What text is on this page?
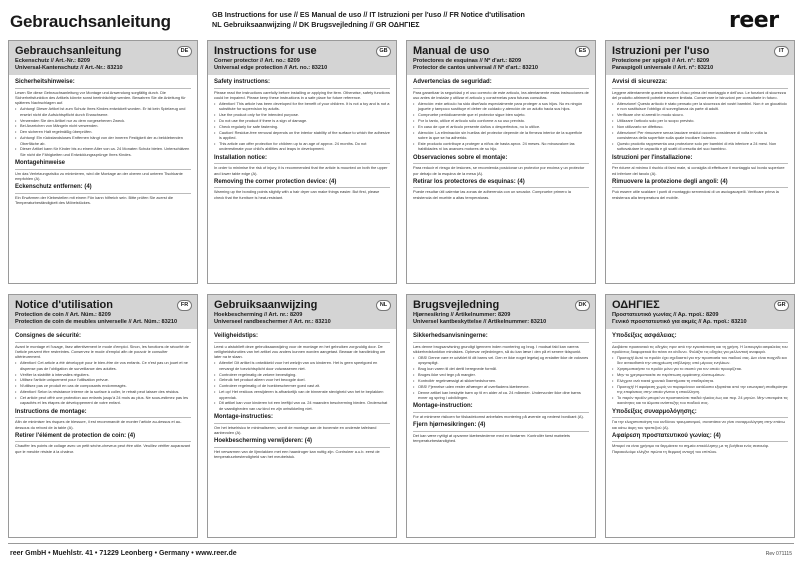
Gebrauchsanleitung	GB Instructions for use // ES Manual de uso // IT Istruzioni per l'uso // FR Notice d'utilisation
NL Gebruiksaanwijzing // DK Brugsvejledning // GR ΟΔΗΓΙΕΣ	reer
Gebrauchsanleitung
Eckenschutz // Art.-Nr.: 8209
Universal-Kantenschutz // Art.-Nr.: 83210
DE
Sicherheitshinweise:
Lesen Sie diese Gebrauchsanleitung vor Montage und Anwendung sorgfältig durch. Die Sicherheitsfunktion des Artikels könnte sonst beeinträchtigt werden. Bewahren Sie die Anleitung für späteres Nachschlagen auf.
• Achtung! Dieser Artikel ist zum Schutz Ihres Kindes entwickelt worden. Er ist kein Spielzeug und ersetzt nicht die Aufsichtspflicht durch Erwachsene.
• Verwenden Sie den Artikel nur zu dem vorgesehenen Zweck.
• Bei Anzeichen von Mängeln nicht verwenden.
• Den sicheren Halt regelmäßig überprüfen.
• Achtung! Ein rückstandsloses Entfernen hängt von der inneren Festigkeit der zu bekklebenden Oberfläche ab.
• Dieser Artikel kann für Kinder bis zu einem Alter von ca. 24 Monaten Schutz bieten. Unterschätzen Sie nicht die Fähigkeiten und Entwicklungssprünge Ihres Kindes.
Montagehinweise
Um das Verletzungsrisiko zu minimieren, wird die Montage an der oberen und unteren Tischkante empfohlen (A).
Eckenschutz entfernen: (4)
Ein Erwärmen der Klebestellen mit einem Fön kann hilfreich sein. Bitte prüfen Sie zuerst die Temperaturbeständigkeit des Möbelstückes.
Instructions for use
Corner protector // Art. no.: 8209
Universal edge protection // Art. no.: 83210
GB
Safety instructions:
Please read the instructions carefully before installing or applying the item. Otherwise, safety functions could be impaired. Please keep these instructions in a safe place for future reference.
• Attention! This article has been developed for the benefit of your children. It is not a toy and is not a substitute for supervision by adults.
• Use the product only for the intended purpose.
• Do not use the product if there is a sign of damage.
• Check regularly for safe fastening.
• Caution! Residue-free removal depends on the interior stability of the surface to which the adhesive is applied.
• This article can offer protection for children up to an age of approx. 24 months. Do not underestimate your child's abilities and leaps in development.
Installation notice:
In order to minimise the risk of injury, it is recommended that the article is mounted on both the upper and lower table edge (A).
Removing the corner protection device: (4)
Warming up the bonding points slightly with a hair dryer can make things easier. But first, please check that the furniture is heat-resistant.
Manual de uso
Protectores de esquinas // Nº d'art.: 8209
Protector de cantos universal // Nº d'art.: 83210
ES
Advertencias de seguridad:
Para garantizar la seguridad y el uso correcto de este artículo, lea atentamente estas instrucciones de uso antes de instalar y utilizar el artículo y consérvelas para futuras consultas.
• Atención: este artículo ha sido diseñado especialmente para proteger a sus hijos. No es ningún juguete y tampoco sustituye el deber de cuidado y atención de un adulto hacia sus hijos.
• Compruebe periódicamente que el protector sigue bien sujeto.
• Por lo tanto, utilice el artículo sólo conforme a su uso previsto.
• En caso de que el artículo presente daños o desperfectos, no lo utilice.
• Atención: La eliminación sin huellas del protector depende de la firmeza interior de la superficie sobre la que se ha adherido.
• Este producto contribuye a proteger a niños de hasta aprox. 24 meses. No minusvalore las habilidades ni los avances motores de su hijo.
Observaciones sobre el montaje:
Para reducir el riesgo de lesiones, se recomienda posicionar un protector por encima y un protector por debajo de la esquina de la mesa (A).
Retirar los protectores de esquinas: (4)
Puede resultar útil calentar las zonas de adherencia con un secador. Compruebe primero la resistencia del mueble a altas temperaturas.
Istruzioni per l'uso
Protezione per spigoli // Art. n°: 8209
Paraspigoli universale // Art. n°: 83210
IT
Avvisi di sicurezza:
Leggere attentamente queste istruzioni d'uso prima del montaggio e dell'uso. Le funzioni di sicurezza del prodotto altrimenti potrebbe essere limitata. Conservare le istruzioni per consultarle in futuro.
• Attenzione! Questo articolo è stato pensato per la sicurezza dei vostri bambini. Non è un giocattolo e non sostituisce l'obbligo di sorveglianza da parte di adulti.
• Verificare che si arresti in modo sicuro.
• Utilizzare l'articolo solo per lo scopo previsto.
• Non utilizzarlo se difettoso.
• Attenzione! Per rimuovere senza lasciare residui occorre considerare di volta in volta la consistenza della superficie sulla quale incollare l'adesivo.
• Questo prodotto rappresenta una protezione solo per bambini di età inferiore a 24 mesi. Non sottovalutare le capacità e gli scatti di crescita del suo bambino.
Istruzioni per l'installazione:
Per ridurre al minimo il rischio di farsi male, si consiglia di effettuare il montaggio sul bordo superiore ed inferiore del tavolo (A).
Rimuovere la protezione degli angoli: (4)
Può essere utile scaldare i punti di montaggio servendosi di un asciugacapelli. Verificare prima la resistenza alla temperatura del mobile.
Notice d'utilisation
Protection de coin // Art. Nüm.: 8209
Protection de coin de meubles universelle // Art. Nüm.: 83210
FR
Consignes de sécurité:
Avant le montage et l'usage, lisez attentivement le mode d'emploi. Sinon, les fonctions de sécurité de l'article peuvent être restreintes. Conservez le mode d'emploi afin de pouvoir le consulter ultérieurement.
• Attention! Cet article a été développé pour le bien-être de vos enfants. Ce n'est pas un jouet et ne dispense pas de l'obligation de surveillance des adultes.
• Vérifier la stabilité à intervalles réguliers.
• Utilisez l'article uniquement pour l'utilisation prévue.
• N'utilisez pas ce produit en cas de composants endommagés.
• Attention! Selon la résistance interne de la surface à coller, le retrait peut laisser des résidus.
• Cet article peut offrir une protection aux enfants jusqu'à 24 mois au plus. Ne sous-estimez pas les capacités et les étapes de développement de votre enfant.
Instructions de montage:
Afin de minimiser les risques de blessure, il est recommandé de monter l'article au-dessus et au-dessous du rebord de la table (A).
Retirer l'élément de protection de coin: (4)
Chauffer les points de collage avec un petit sèche-cheveux peut être utile. Veuillez vérifier auparavant que le meuble résiste à la chaleur.
Gebruiksaanwijzing
Hoekbescherming // Art. nr.: 8209
Universeel randbeschermer // Art. nr.: 83210
NL
Veiligheidstips:
Leest u alstublieft deze gebruiksaanwijzing voor de montage en het gebruiken zorgvuldig door. De veiligheidsfuncties van het artikel zou anders kunnen worden aangetast. Bewaar de handleiding om later na te slaan.
• Attentie! Dit artikel is ontwikkeld voor het welzijn van uw kinderen. Het is geen speelgoed en vervangt de toezichtsplicht door volwassenen niet.
• Controleer regelmatig de zekere bevestiging.
• Gebruik het product alleen voor het beoogde doel.
• Controleer regelmatig of de hoekbeschermer goed vast zit.
• Let op! Het restloos verwijderen is afhankelijk van de binnenste stevigheid van het te beplakken oppervlak.
• Dit artikel kan voor kinderen tot een leeftijd van ca. 24 maanden bescherming bieden. Onderschat de vaardigheden van uw kind en zijn ontwikkeling niet.
Montage-instructies:
Om het letselrisico te minimaliseren, wordt de montage aan de bovenste en onderste tafelrand aanbevolen (A).
Hoekbescherming verwijderen: (4)
Het verwarmen van de lijmvlakken met een haardroger kan nuttig zijn. Controleer a.u.b. eerst de temperatuurbestendigheid van het meubelstuk.
Brugsvejledning
Hjørnesikring // Artikelnummer: 8209
Universel kantbeskyttelse // Artikelnummer: 83210
DK
Sikkerhedsanvisningerne:
Læs denne brugsanvisning grundigt igennem inden montering og brug. I modsat fald kan varens sikkerhedsfunktion mindskes. Opbevar vejledningen, så du kan læse i den på et senere tidspunkt.
• OBS! Denne vare er udviklet til dit barns vel. Den er ikke noget legetøj og erstatter ikke de voksnes opsynspligt.
• Brug kun varen til det dertil beregnede formål.
• Bruges ikke ved tegn på mangler.
• Kontrollér regelmæssigt at sikkerhedshornen.
• OBS! Fjernelse uden rester afhænger af overfladens klæbeevne.
• Denne artikel kan beskytte børn op til en alder af ca. 24 måneder. Undervurder ikke dine børns evner og spring i udviklingen.
Montage-instruction:
For at minimere risikoen for tilskadekomst anbefales montering på øverste og nederst bordkant (A).
Fjern hjørnesikringen: (4)
Det kan være nyttigt at opvarme klæbestederne med en føntørrer. Kontrollér først møbelets temperaturbestandighed.
ΟΔΗΓΙΕΣ
Προστατευτικό γωνίας // Αρ. προϊ.: 8209
Γενικό προστατευτικό για ακμές // Αρ. προϊ.: 83210
GR
Υποδείξεις ασφάλειας:
Διαβάστε προσεκτικά τις οδηγίες πριν από την εγκατάσταση και τη χρήση. Η λειτουργία ασφαλείας του προϊόντος διαφορετικά θα πέσει σε κίνδυνο. Φυλάξτε τις οδηγίες για μελλοντική αναφορά.
• Προσοχή! Αυτό το προϊόν έχει σχεδιαστεί για την προστασία του παιδιού σας. Δεν είναι παιχνίδι και δεν αντικαθιστά την υποχρέωση επίβλεψης από μέρους ενηλίκων.
• Χρησιμοποιήστε το προϊόν μόνο για το σκοπό για τον οποίο προορίζεται.
• Μην το χρησιμοποιείτε σε περίπτωση εμφάνισης ελαττωμάτων.
• Ελέγχετε ανά τακτά χρονικά διαστήματα τη σταθερότητα.
• Προσοχή! Η αφαίρεση χωρίς να παραμείνουν κατάλοιπα εξαρτάται από την εσωτερική σταθερότητα της επιφάνειας στην οποία γίνεται η επικόλληση.
• Το παρόν προϊόν μπορεί να προστατεύσει παιδιά ηλικίας έως και περ. 24 μηνών. Μην υποτιμάτε τις ικανότητες και τα άλματα ανάπτυξης του παιδιού σας.
Υποδείξεις συναρμολόγησης:
Για την ελαχιστοποίηση του κινδύνου τραυματισμού, συνιστάται να γίνει συναρμολόγηση στην επάνω και κάτω άκρη του τραπεζιού (A).
Αφαίρεση προστατευτικού γωνίας: (4)
Μπορεί να είναι χρήσιμο να θερμάνετε τα σημεία επικόλλησης με τη βοήθεια ενός σεσουάρ. Παρακαλούμε ελέγξτε πρώτα τη θερμική αντοχή του επίπλου.
reer GmbH • Muehlstr. 41 • 71229 Leonberg • Germany • www.reer.de	Rev 071115
